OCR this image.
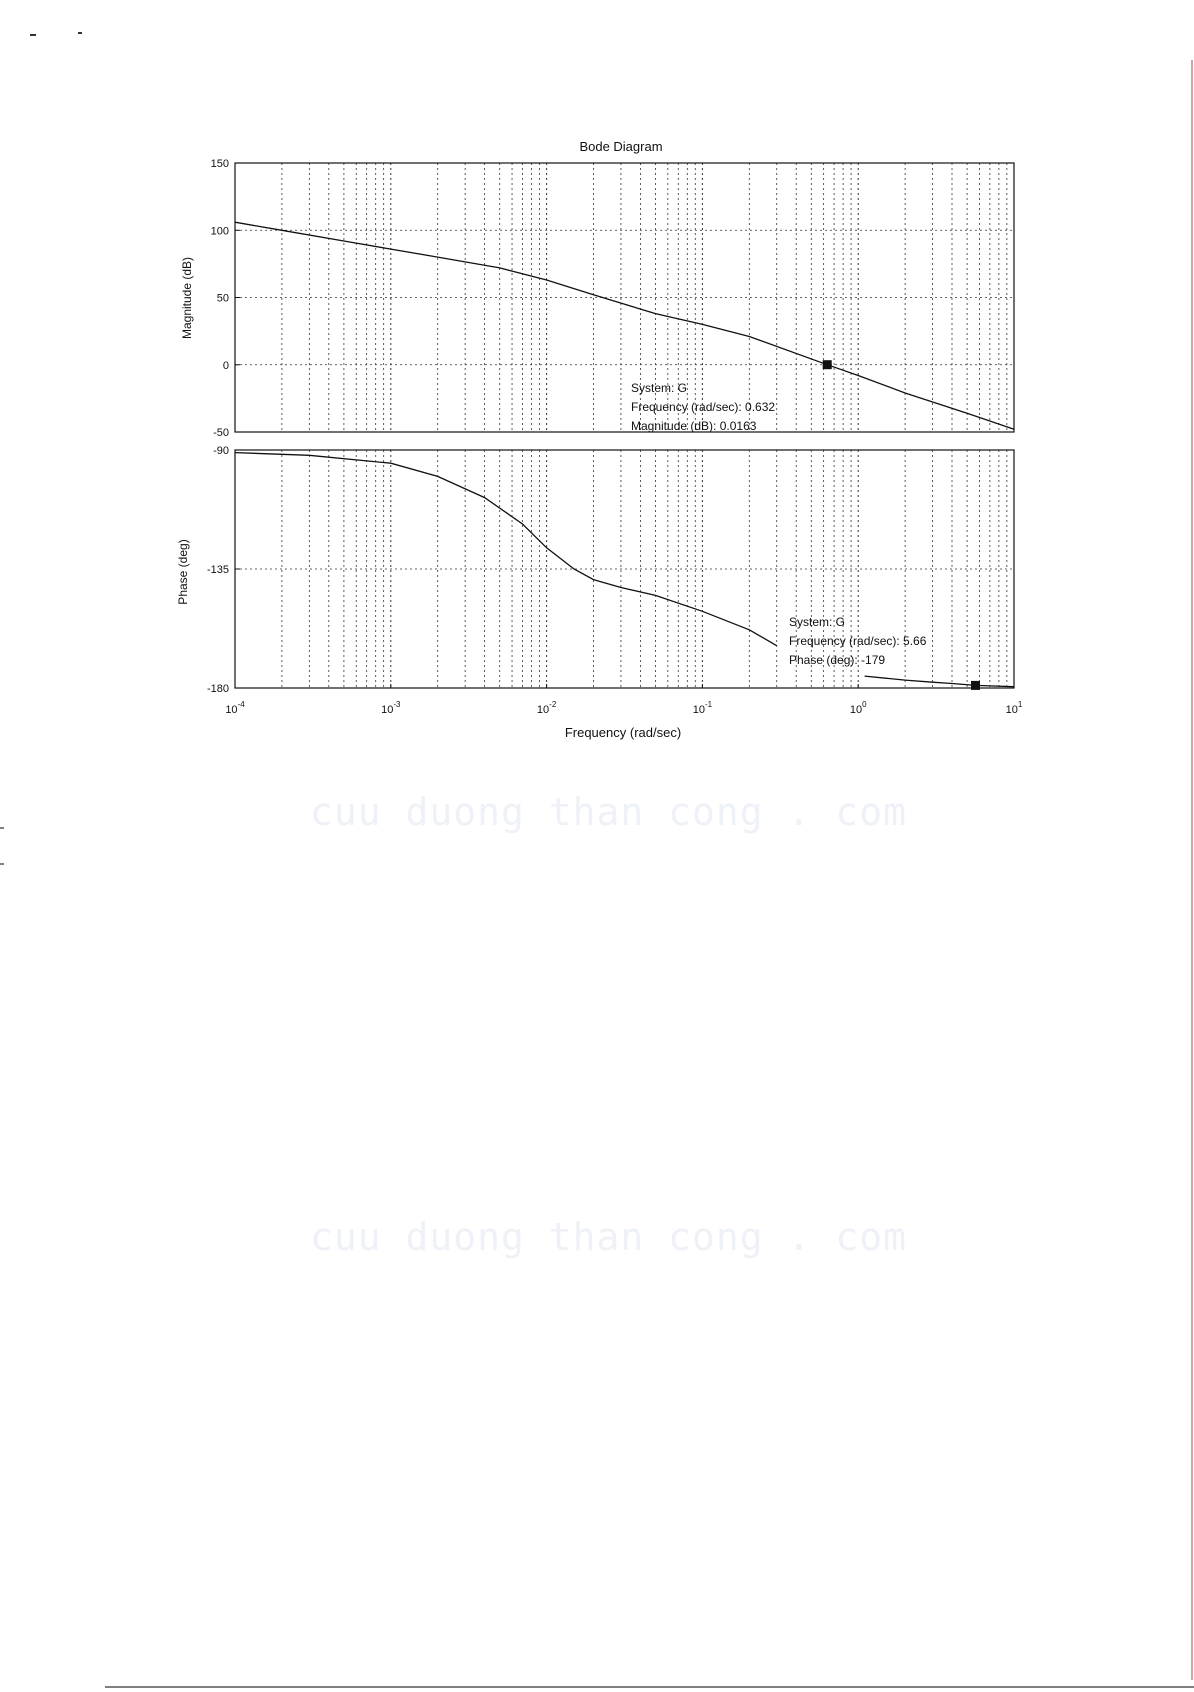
Bode Diagram
150
100
50
0
-50
System: G
Frequency (rad/sec): 0.632
Magnitude (dB): 0.0163
Magnitude (dB)
-90
-135
-180
System: G
Frequency (rad/sec): 5.66
Phase (deg): -179
Phase (deg)
$10^{-4}$	$10^{-3}$	$10^{-2}$	$10^{-1}$	$10^0$	$10^1$
Frequency (rad/sec)
cuu duong than cong . com
cuu duong than cong . com
